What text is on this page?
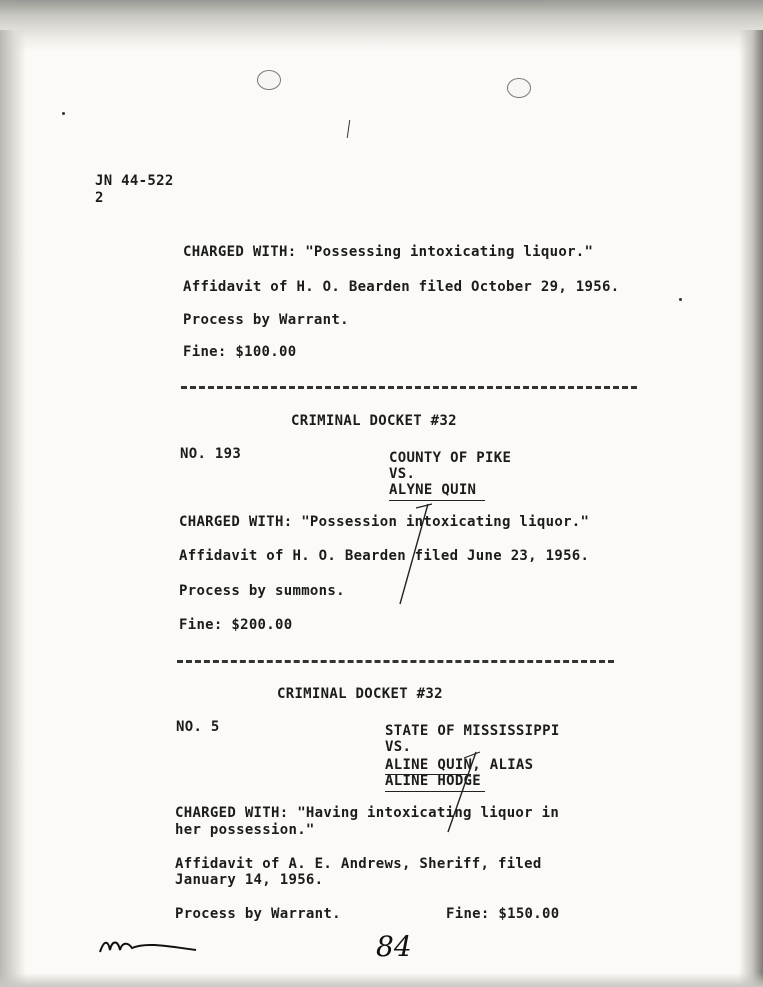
JN 44-522
2
CHARGED WITH: "Possessing intoxicating liquor."
Affidavit of H. O. Bearden filed October 29, 1956.
Process by Warrant.
Fine: $100.00
CRIMINAL DOCKET #32
NO. 193	COUNTY OF PIKE
VS.
ALYNE QUIN
CHARGED WITH: "Possession intoxicating liquor."
Affidavit of H. O. Bearden filed June 23, 1956.
Process by summons.
Fine: $200.00
CRIMINAL DOCKET #32
NO. 5	STATE OF MISSISSIPPI
VS.
ALINE QUIN, ALIAS
ALINE HODGE
CHARGED WITH: "Having intoxicating liquor in
her possession."
Affidavit of A. E. Andrews, Sheriff, filed
January 14, 1956.
Process by Warrant.	Fine: $150.00
84
